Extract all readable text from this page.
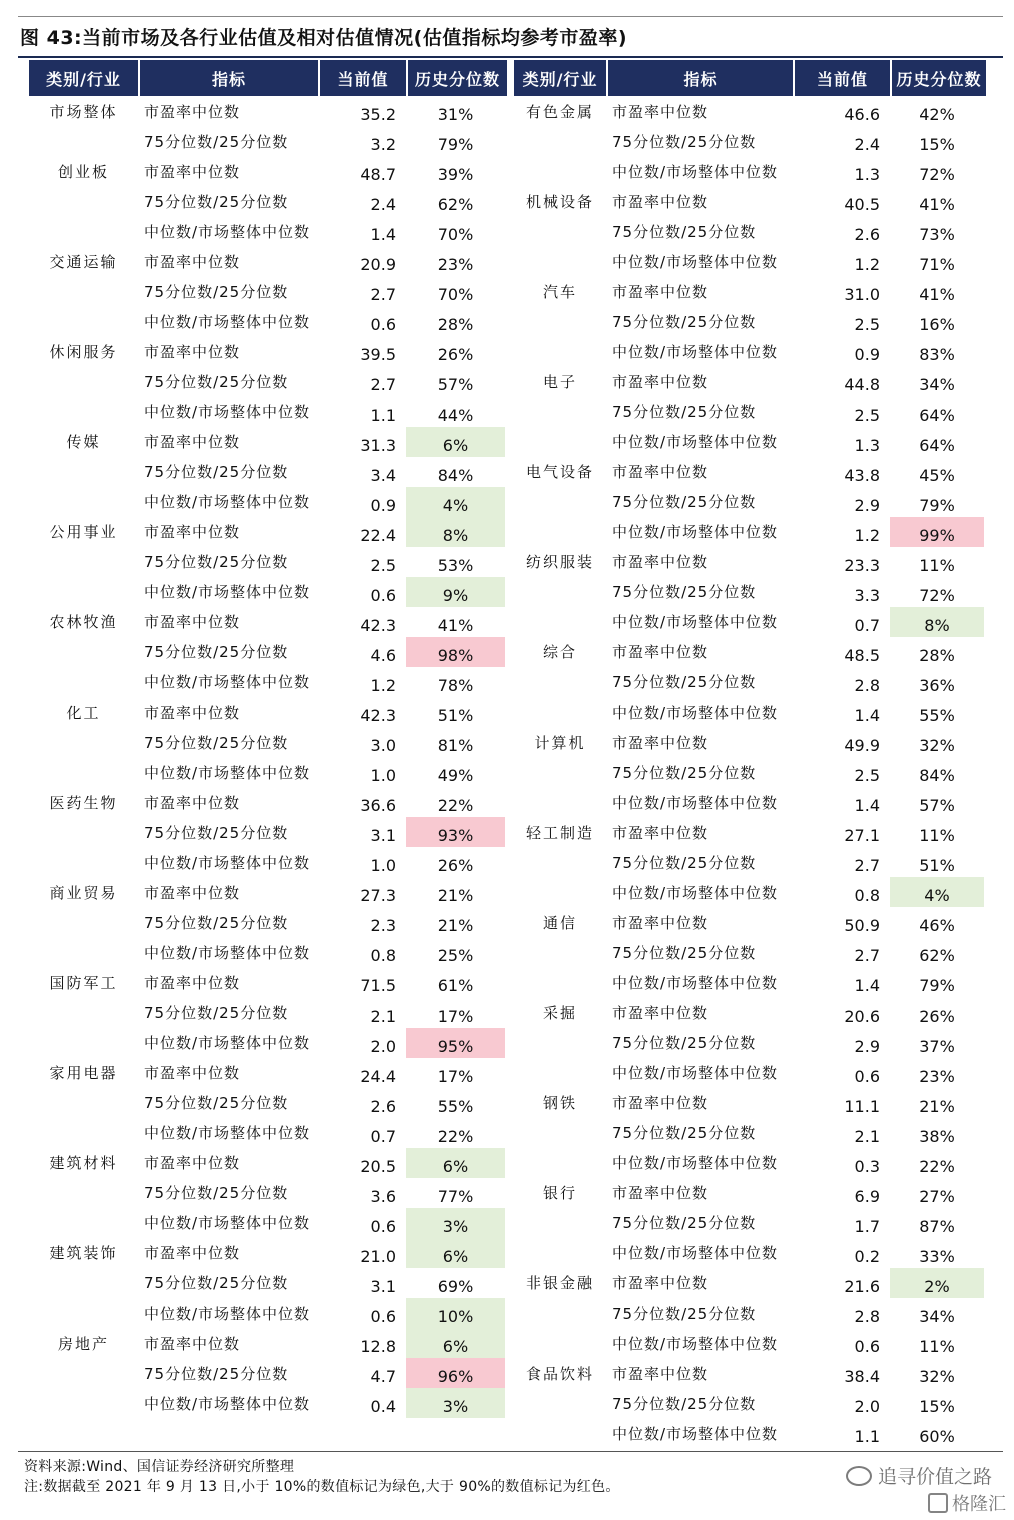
图 43:当前市场及各行业估值及相对估值情况(估值指标均参考市盈率)
类别/行业	指标	当前值	历史分位数
市场整体	市盈率中位数	35.2	31%
75分位数/25分位数	3.2	79%
创业板	市盈率中位数	48.7	39%
75分位数/25分位数	2.4	62%
中位数/市场整体中位数	1.4	70%
交通运输	市盈率中位数	20.9	23%
75分位数/25分位数	2.7	70%
中位数/市场整体中位数	0.6	28%
休闲服务	市盈率中位数	39.5	26%
75分位数/25分位数	2.7	57%
中位数/市场整体中位数	1.1	44%
传媒	市盈率中位数	31.3	6%
75分位数/25分位数	3.4	84%
中位数/市场整体中位数	0.9	4%
公用事业	市盈率中位数	22.4	8%
75分位数/25分位数	2.5	53%
中位数/市场整体中位数	0.6	9%
农林牧渔	市盈率中位数	42.3	41%
75分位数/25分位数	4.6	98%
中位数/市场整体中位数	1.2	78%
化工	市盈率中位数	42.3	51%
75分位数/25分位数	3.0	81%
中位数/市场整体中位数	1.0	49%
医药生物	市盈率中位数	36.6	22%
75分位数/25分位数	3.1	93%
中位数/市场整体中位数	1.0	26%
商业贸易	市盈率中位数	27.3	21%
75分位数/25分位数	2.3	21%
中位数/市场整体中位数	0.8	25%
国防军工	市盈率中位数	71.5	61%
75分位数/25分位数	2.1	17%
中位数/市场整体中位数	2.0	95%
家用电器	市盈率中位数	24.4	17%
75分位数/25分位数	2.6	55%
中位数/市场整体中位数	0.7	22%
建筑材料	市盈率中位数	20.5	6%
75分位数/25分位数	3.6	77%
中位数/市场整体中位数	0.6	3%
建筑装饰	市盈率中位数	21.0	6%
75分位数/25分位数	3.1	69%
中位数/市场整体中位数	0.6	10%
房地产	市盈率中位数	12.8	6%
75分位数/25分位数	4.7	96%
中位数/市场整体中位数	0.4	3%
类别/行业	指标	当前值	历史分位数
有色金属	市盈率中位数	46.6	42%
75分位数/25分位数	2.4	15%
中位数/市场整体中位数	1.3	72%
机械设备	市盈率中位数	40.5	41%
75分位数/25分位数	2.6	73%
中位数/市场整体中位数	1.2	71%
汽车	市盈率中位数	31.0	41%
75分位数/25分位数	2.5	16%
中位数/市场整体中位数	0.9	83%
电子	市盈率中位数	44.8	34%
75分位数/25分位数	2.5	64%
中位数/市场整体中位数	1.3	64%
电气设备	市盈率中位数	43.8	45%
75分位数/25分位数	2.9	79%
中位数/市场整体中位数	1.2	99%
纺织服装	市盈率中位数	23.3	11%
75分位数/25分位数	3.3	72%
中位数/市场整体中位数	0.7	8%
综合	市盈率中位数	48.5	28%
75分位数/25分位数	2.8	36%
中位数/市场整体中位数	1.4	55%
计算机	市盈率中位数	49.9	32%
75分位数/25分位数	2.5	84%
中位数/市场整体中位数	1.4	57%
轻工制造	市盈率中位数	27.1	11%
75分位数/25分位数	2.7	51%
中位数/市场整体中位数	0.8	4%
通信	市盈率中位数	50.9	46%
75分位数/25分位数	2.7	62%
中位数/市场整体中位数	1.4	79%
采掘	市盈率中位数	20.6	26%
75分位数/25分位数	2.9	37%
中位数/市场整体中位数	0.6	23%
钢铁	市盈率中位数	11.1	21%
75分位数/25分位数	2.1	38%
中位数/市场整体中位数	0.3	22%
银行	市盈率中位数	6.9	27%
75分位数/25分位数	1.7	87%
中位数/市场整体中位数	0.2	33%
非银金融	市盈率中位数	21.6	2%
75分位数/25分位数	2.8	34%
中位数/市场整体中位数	0.6	11%
食品饮料	市盈率中位数	38.4	32%
75分位数/25分位数	2.0	15%
中位数/市场整体中位数	1.1	60%
资料来源:Wind、国信证券经济研究所整理
注:数据截至 2021 年 9 月 13 日,小于 10%的数值标记为绿色,大于 90%的数值标记为红色。	追寻价值之路
格隆汇
